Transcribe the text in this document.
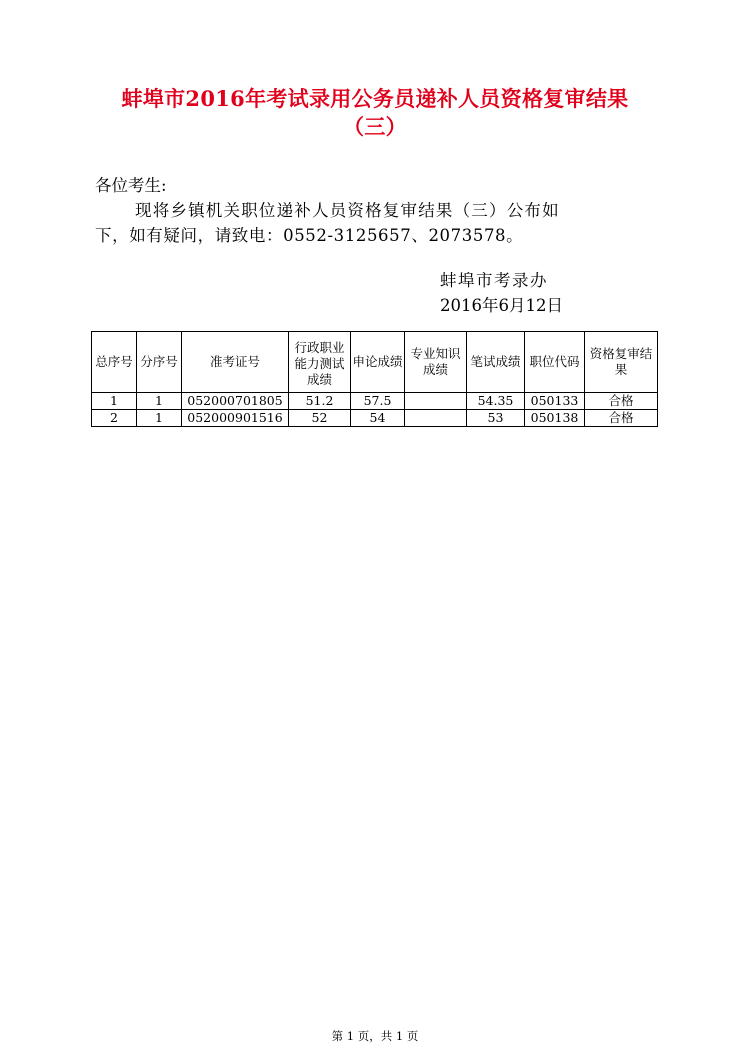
蚌埠市2016年考试录用公务员递补人员资格复审结果
（三）
各位考生:
现将乡镇机关职位递补人员资格复审结果（三）公布如
下，如有疑问，请致电：0552-3125657、2073578。
蚌埠市考录办
2016年6月12日
总序号	分序号	准考证号	行政职业能力测试成绩	申论成绩	专业知识成绩	笔试成绩	职位代码	资格复审结果
1	1	052000701805	51.2	57.5		54.35	050133	合格
2	1	052000901516	52	54		53	050138	合格
第 1 页，共 1 页
